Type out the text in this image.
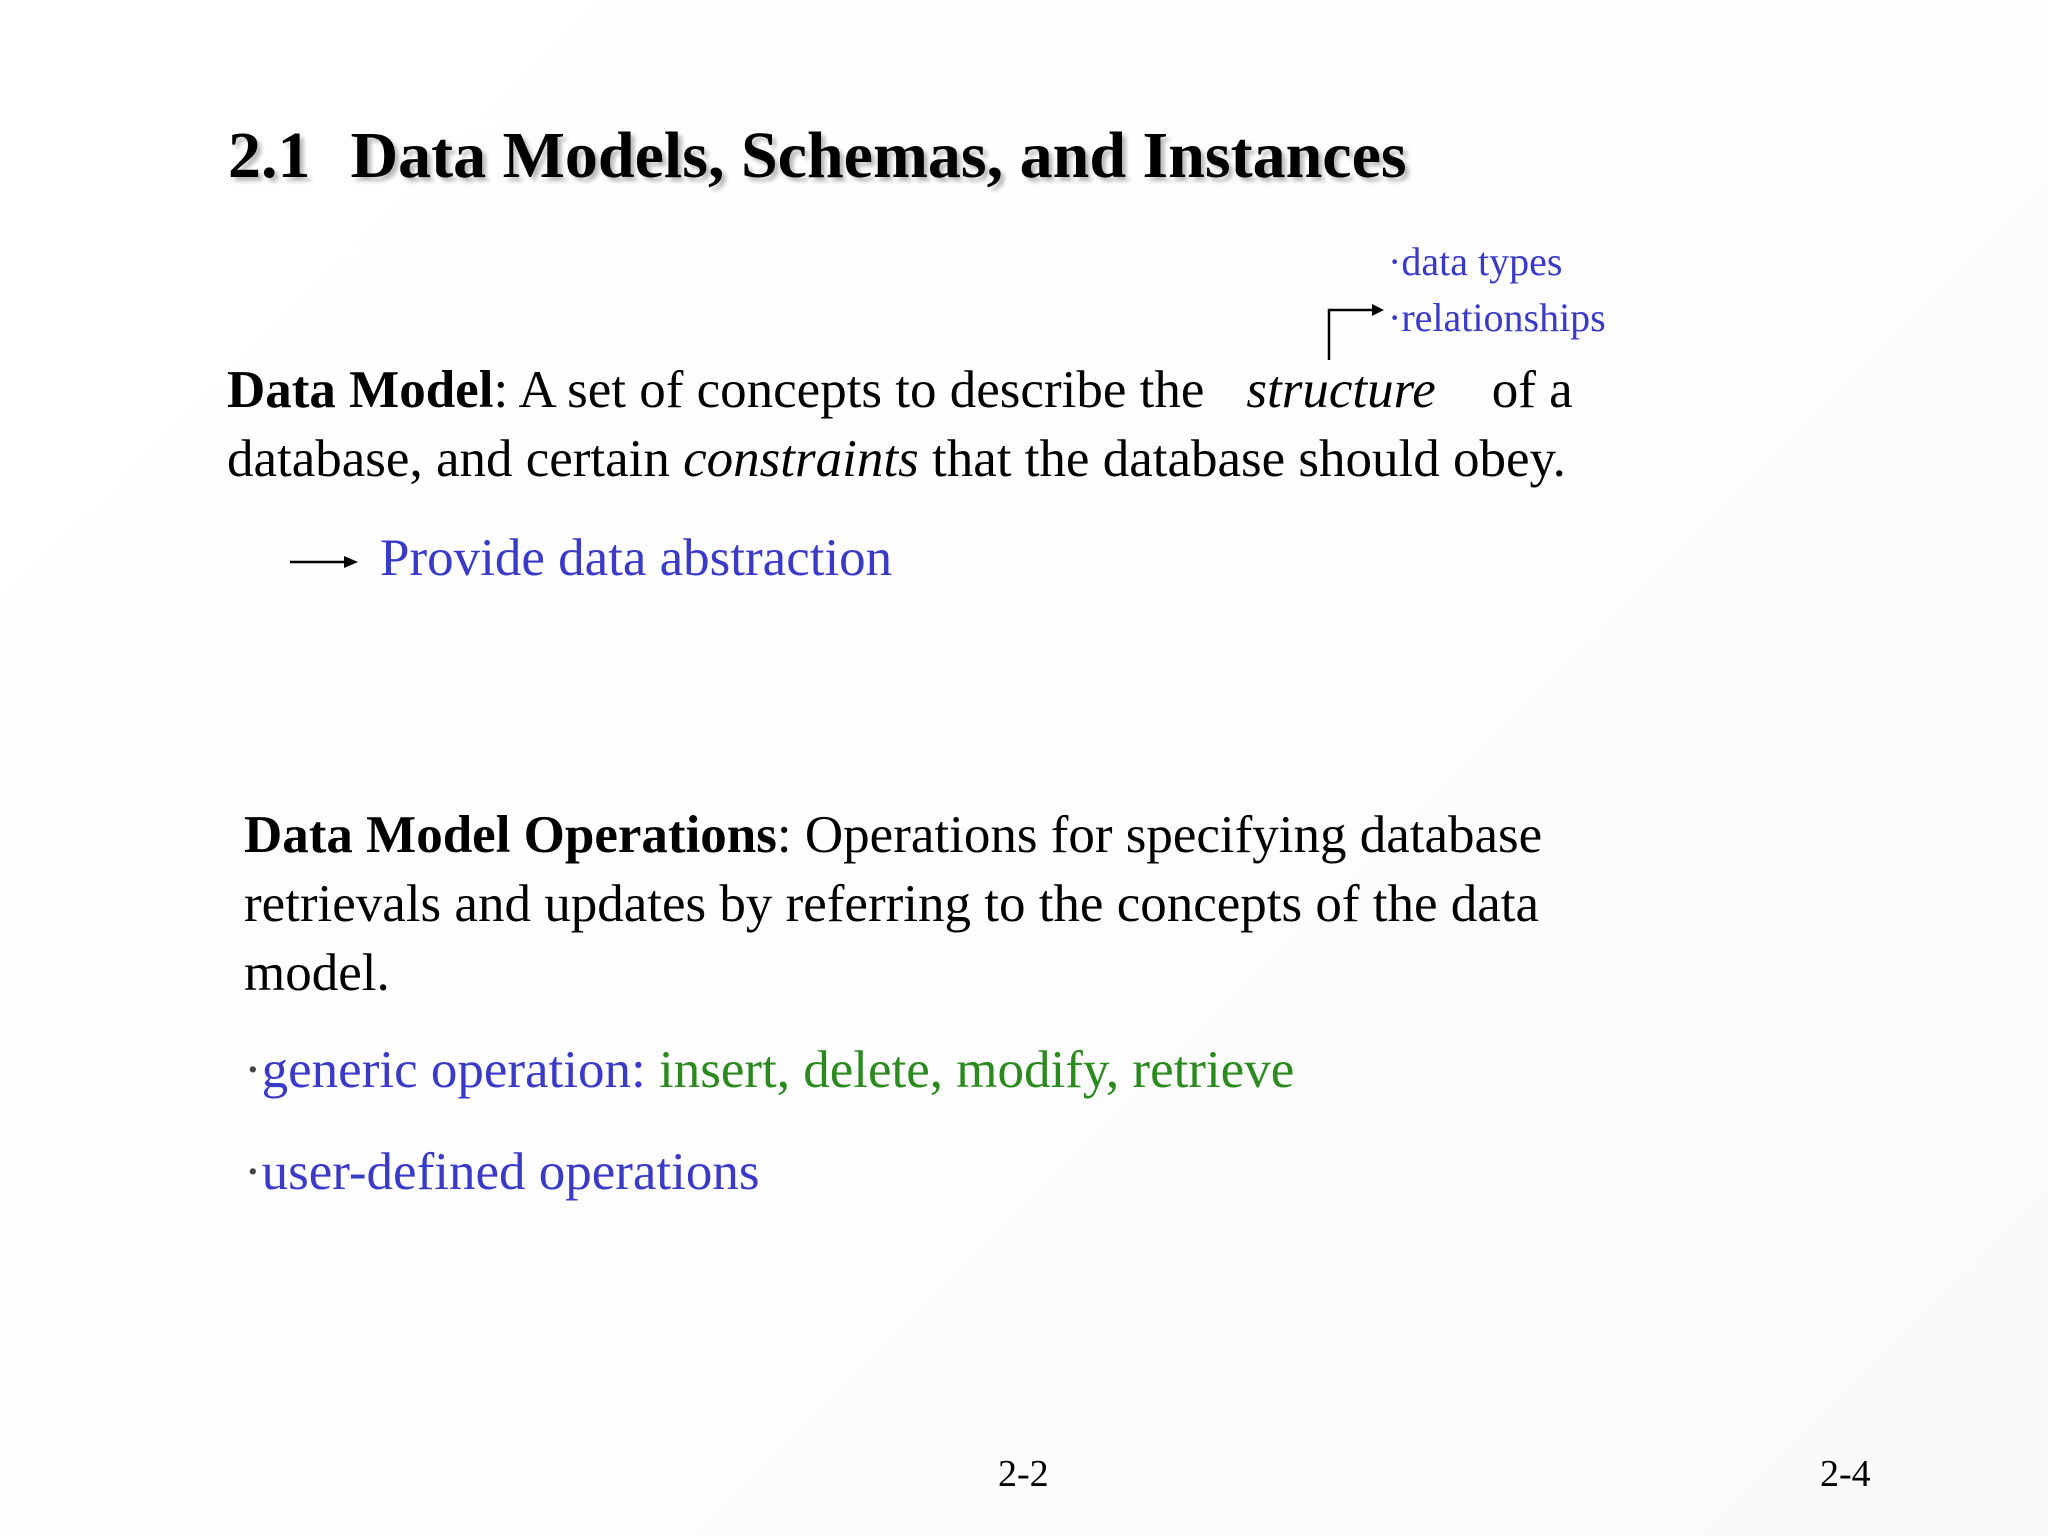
2.1 Data Models, Schemas, and Instances
·data types
·relationships
Data Model: A set of concepts to describe the structure of a
database, and certain constraints that the database should obey.
Provide data abstraction
Data Model Operations: Operations for specifying database
retrievals and updates by referring to the concepts of the data
model.
·generic operation: insert, delete, modify, retrieve
·user-defined operations
2-2	2-4
